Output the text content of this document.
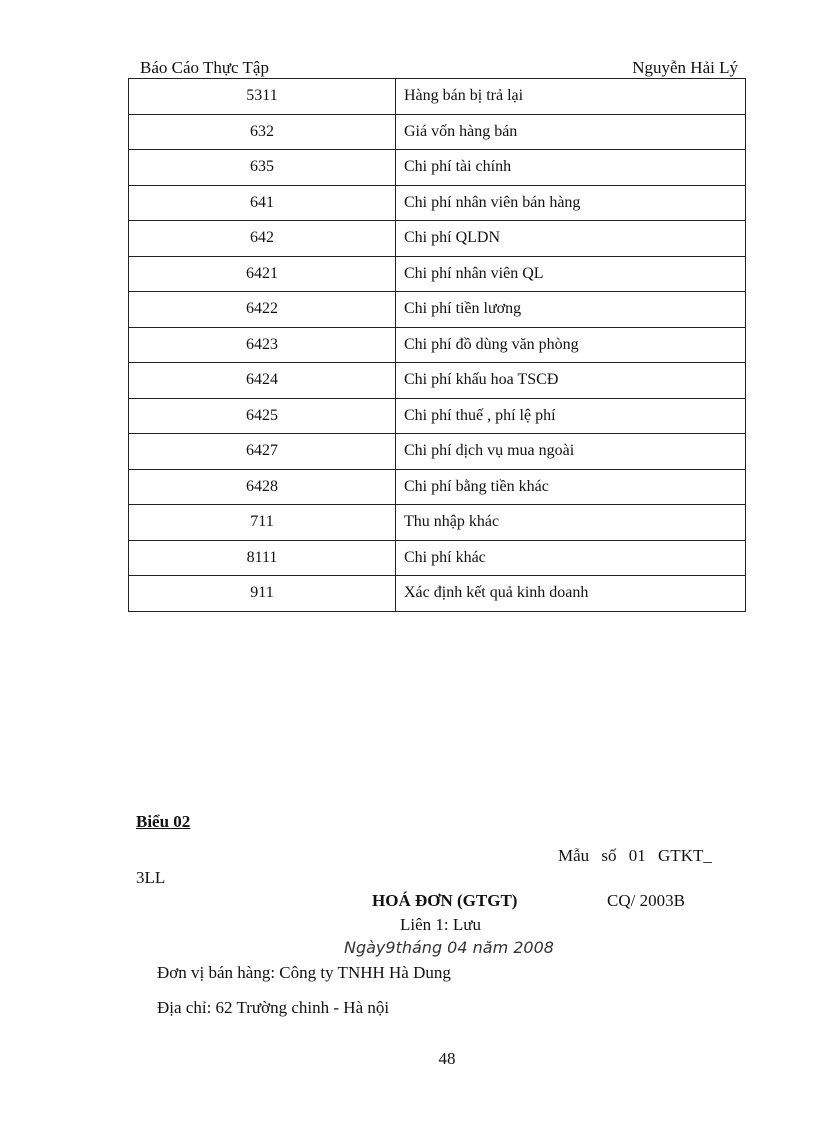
Báo Cáo Thực Tập	Nguyễn Hải Lý
5311	Hàng bán bị trả lại
632	Giá vốn hàng bán
635	Chi phí tài chính
641	Chi phí nhân viên bán hàng
642	Chi phí QLDN
6421	Chi phí nhân viên QL
6422	Chi phí tiền lương
6423	Chi phí đồ dùng văn phòng
6424	Chi phí khấu hoa TSCĐ
6425	Chi phí thuế , phí lệ phí
6427	Chi phí dịch vụ mua ngoài
6428	Chi phí bằng tiền khác
711	Thu nhập khác
8111	Chi phí khác
911	Xác định kết quả kinh doanh
Biểu 02
Mẫu số 01 GTKT_
3LL
HOÁ ĐƠN (GTGT)	CQ/ 2003B
Liên 1: Lưu
Ngày9tháng 04 năm 2008
Đơn vị bán hàng: Công ty TNHH Hà Dung
Địa chỉ: 62 Trường chinh - Hà nội
48
